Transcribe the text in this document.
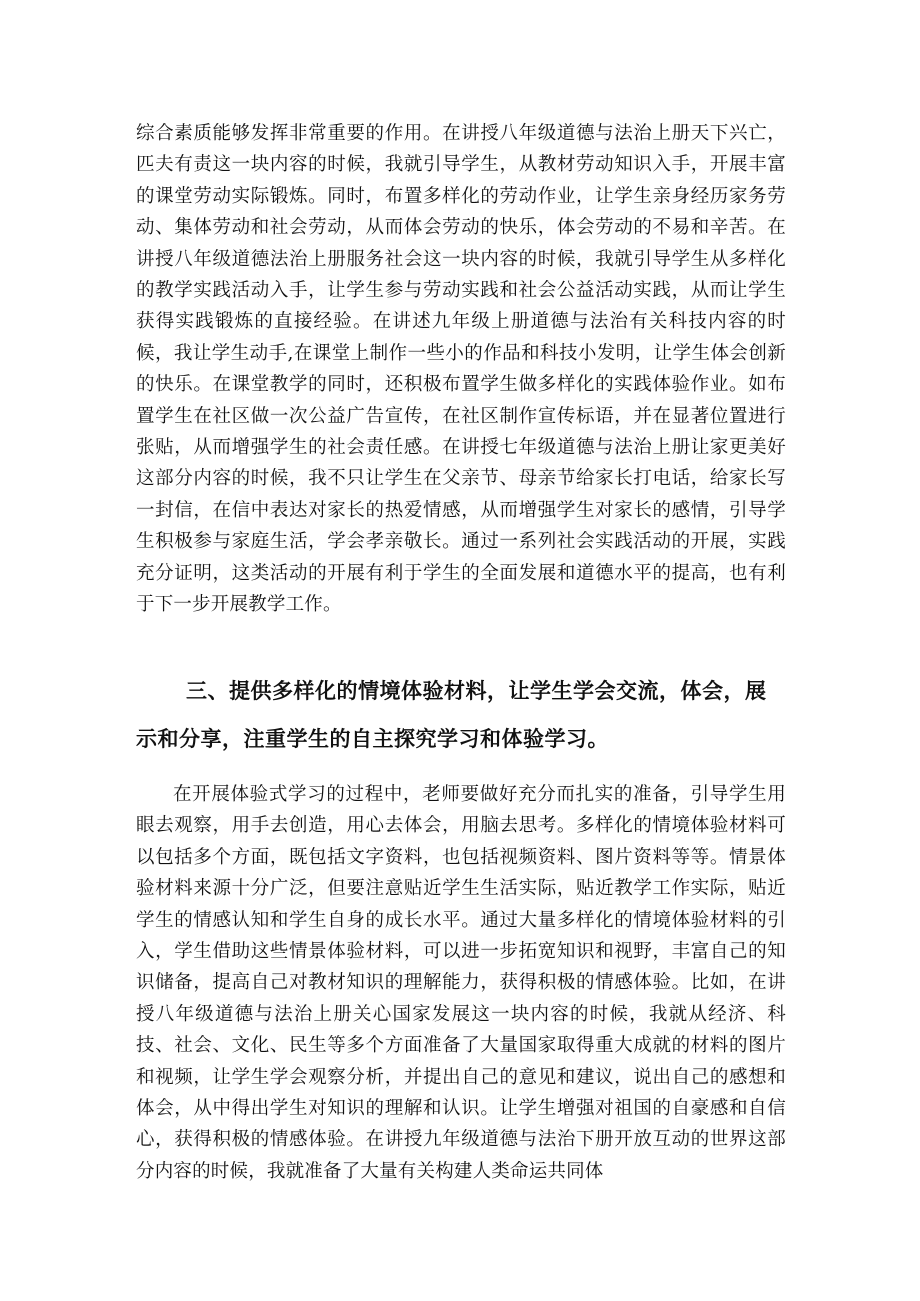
综合素质能够发挥非常重要的作用。在讲授八年级道德与法治上册天下兴亡，匹夫有责这一块内容的时候，我就引导学生，从教材劳动知识入手，开展丰富的课堂劳动实际锻炼。同时，布置多样化的劳动作业，让学生亲身经历家务劳动、集体劳动和社会劳动，从而体会劳动的快乐，体会劳动的不易和辛苦。在讲授八年级道德法治上册服务社会这一块内容的时候，我就引导学生从多样化的教学实践活动入手，让学生参与劳动实践和社会公益活动实践，从而让学生获得实践锻炼的直接经验。在讲述九年级上册道德与法治有关科技内容的时候，我让学生动手,在课堂上制作一些小的作品和科技小发明，让学生体会创新的快乐。在课堂教学的同时，还积极布置学生做多样化的实践体验作业。如布置学生在社区做一次公益广告宣传，在社区制作宣传标语，并在显著位置进行张贴，从而增强学生的社会责任感。在讲授七年级道德与法治上册让家更美好这部分内容的时候，我不只让学生在父亲节、母亲节给家长打电话，给家长写一封信，在信中表达对家长的热爱情感，从而增强学生对家长的感情，引导学生积极参与家庭生活，学会孝亲敬长。通过一系列社会实践活动的开展，实践充分证明，这类活动的开展有利于学生的全面发展和道德水平的提高，也有利于下一步开展教学工作。

三、提供多样化的情境体验材料，让学生学会交流，体会，展示和分享，注重学生的自主探究学习和体验学习。

在开展体验式学习的过程中，老师要做好充分而扎实的准备，引导学生用眼去观察，用手去创造，用心去体会，用脑去思考。多样化的情境体验材料可以包括多个方面，既包括文字资料，也包括视频资料、图片资料等等。情景体验材料来源十分广泛，但要注意贴近学生生活实际，贴近教学工作实际，贴近学生的情感认知和学生自身的成长水平。通过大量多样化的情境体验材料的引入，学生借助这些情景体验材料，可以进一步拓宽知识和视野，丰富自己的知识储备，提高自己对教材知识的理解能力，获得积极的情感体验。比如，在讲授八年级道德与法治上册关心国家发展这一块内容的时候，我就从经济、科技、社会、文化、民生等多个方面准备了大量国家取得重大成就的材料的图片和视频，让学生学会观察分析，并提出自己的意见和建议，说出自己的感想和体会，从中得出学生对知识的理解和认识。让学生增强对祖国的自豪感和自信心，获得积极的情感体验。在讲授九年级道德与法治下册开放互动的世界这部分内容的时候，我就准备了大量有关构建人类命运共同体
